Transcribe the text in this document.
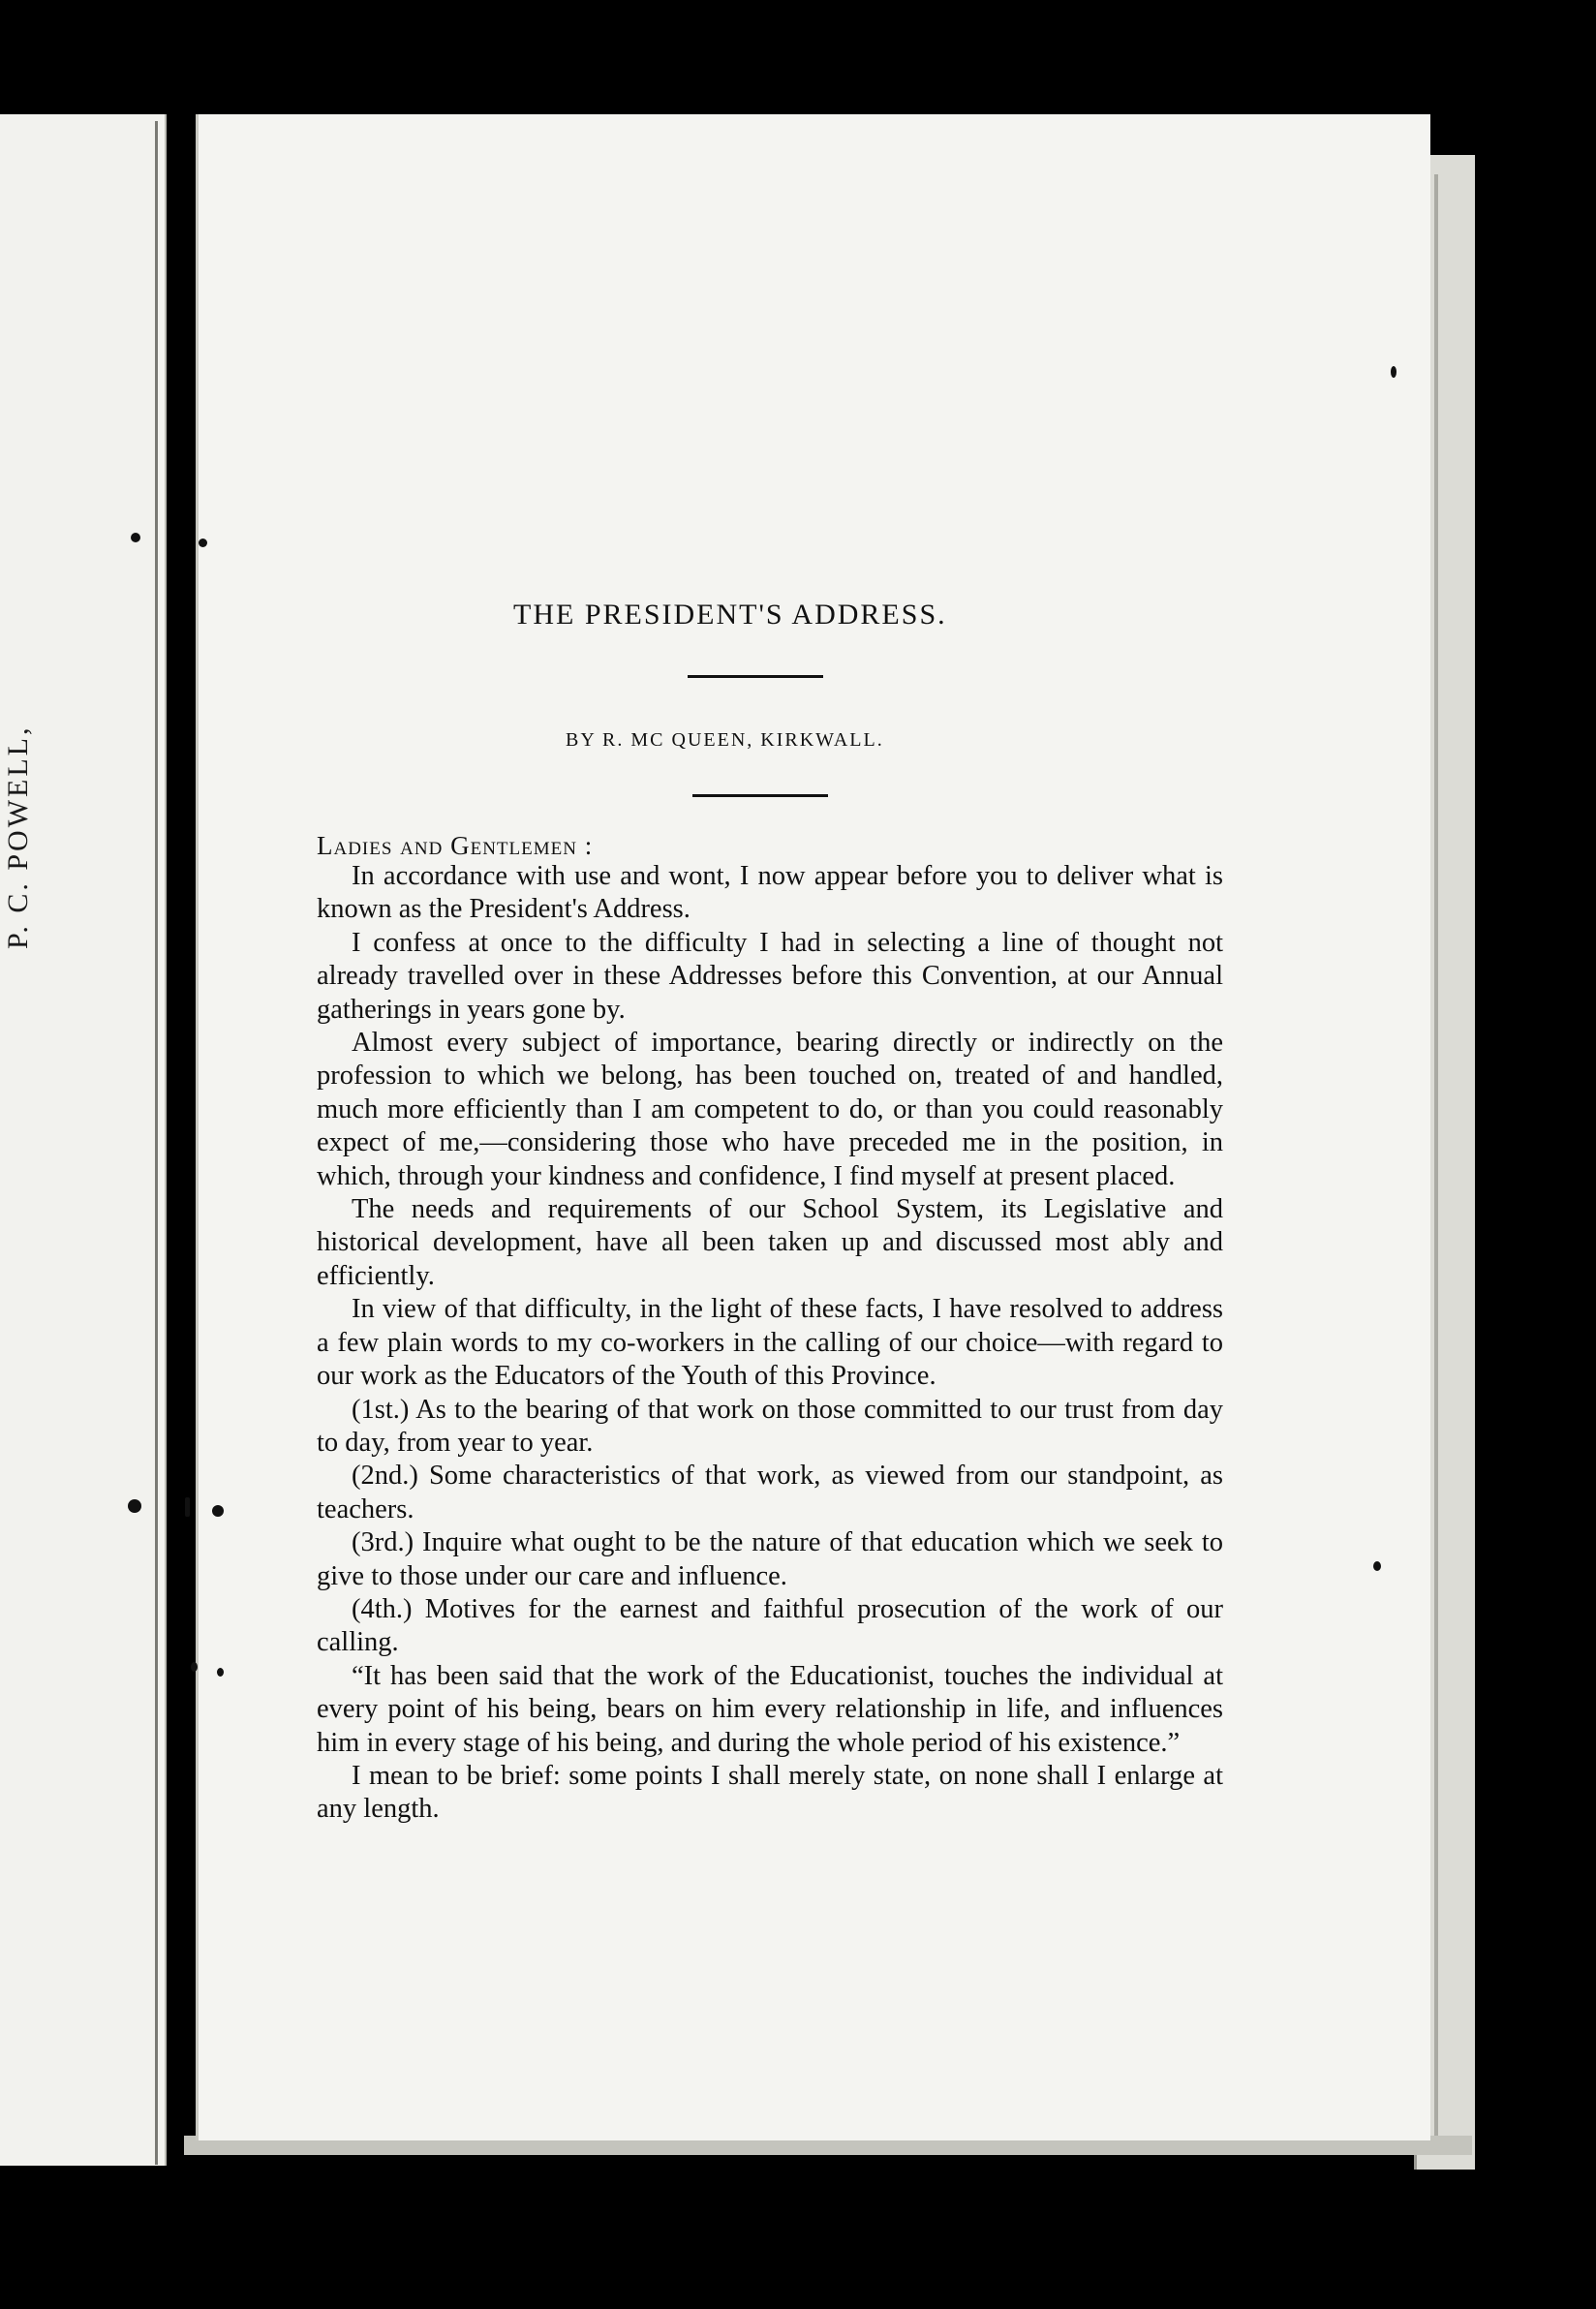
P. C. POWELL,
THE PRESIDENT'S ADDRESS.
BY R. MC QUEEN, KIRKWALL.
Ladies and Gentlemen :

In accordance with use and wont, I now appear before you to deliver what is known as the President's Address.

I confess at once to the difficulty I had in selecting a line of thought not already travelled over in these Addresses before this Convention, at our Annual gatherings in years gone by.

Almost every subject of importance, bearing directly or indirectly on the profession to which we belong, has been touched on, treated of and handled, much more efficiently than I am competent to do, or than you could reasonably expect of me,—considering those who have preceded me in the position, in which, through your kindness and confidence, I find myself at present placed.

The needs and requirements of our School System, its Legislative and historical development, have all been taken up and discussed most ably and efficiently.

In view of that difficulty, in the light of these facts, I have resolved to address a few plain words to my co-workers in the calling of our choice—with regard to our work as the Educators of the Youth of this Province.

(1st.) As to the bearing of that work on those committed to our trust from day to day, from year to year.

(2nd.) Some characteristics of that work, as viewed from our standpoint, as teachers.

(3rd.) Inquire what ought to be the nature of that education which we seek to give to those under our care and influence.

(4th.) Motives for the earnest and faithful prosecution of the work of our calling.

“It has been said that the work of the Educationist, touches the individual at every point of his being, bears on him every relationship in life, and influences him in every stage of his being, and during the whole period of his existence.”

I mean to be brief: some points I shall merely state, on none shall I enlarge at any length.
